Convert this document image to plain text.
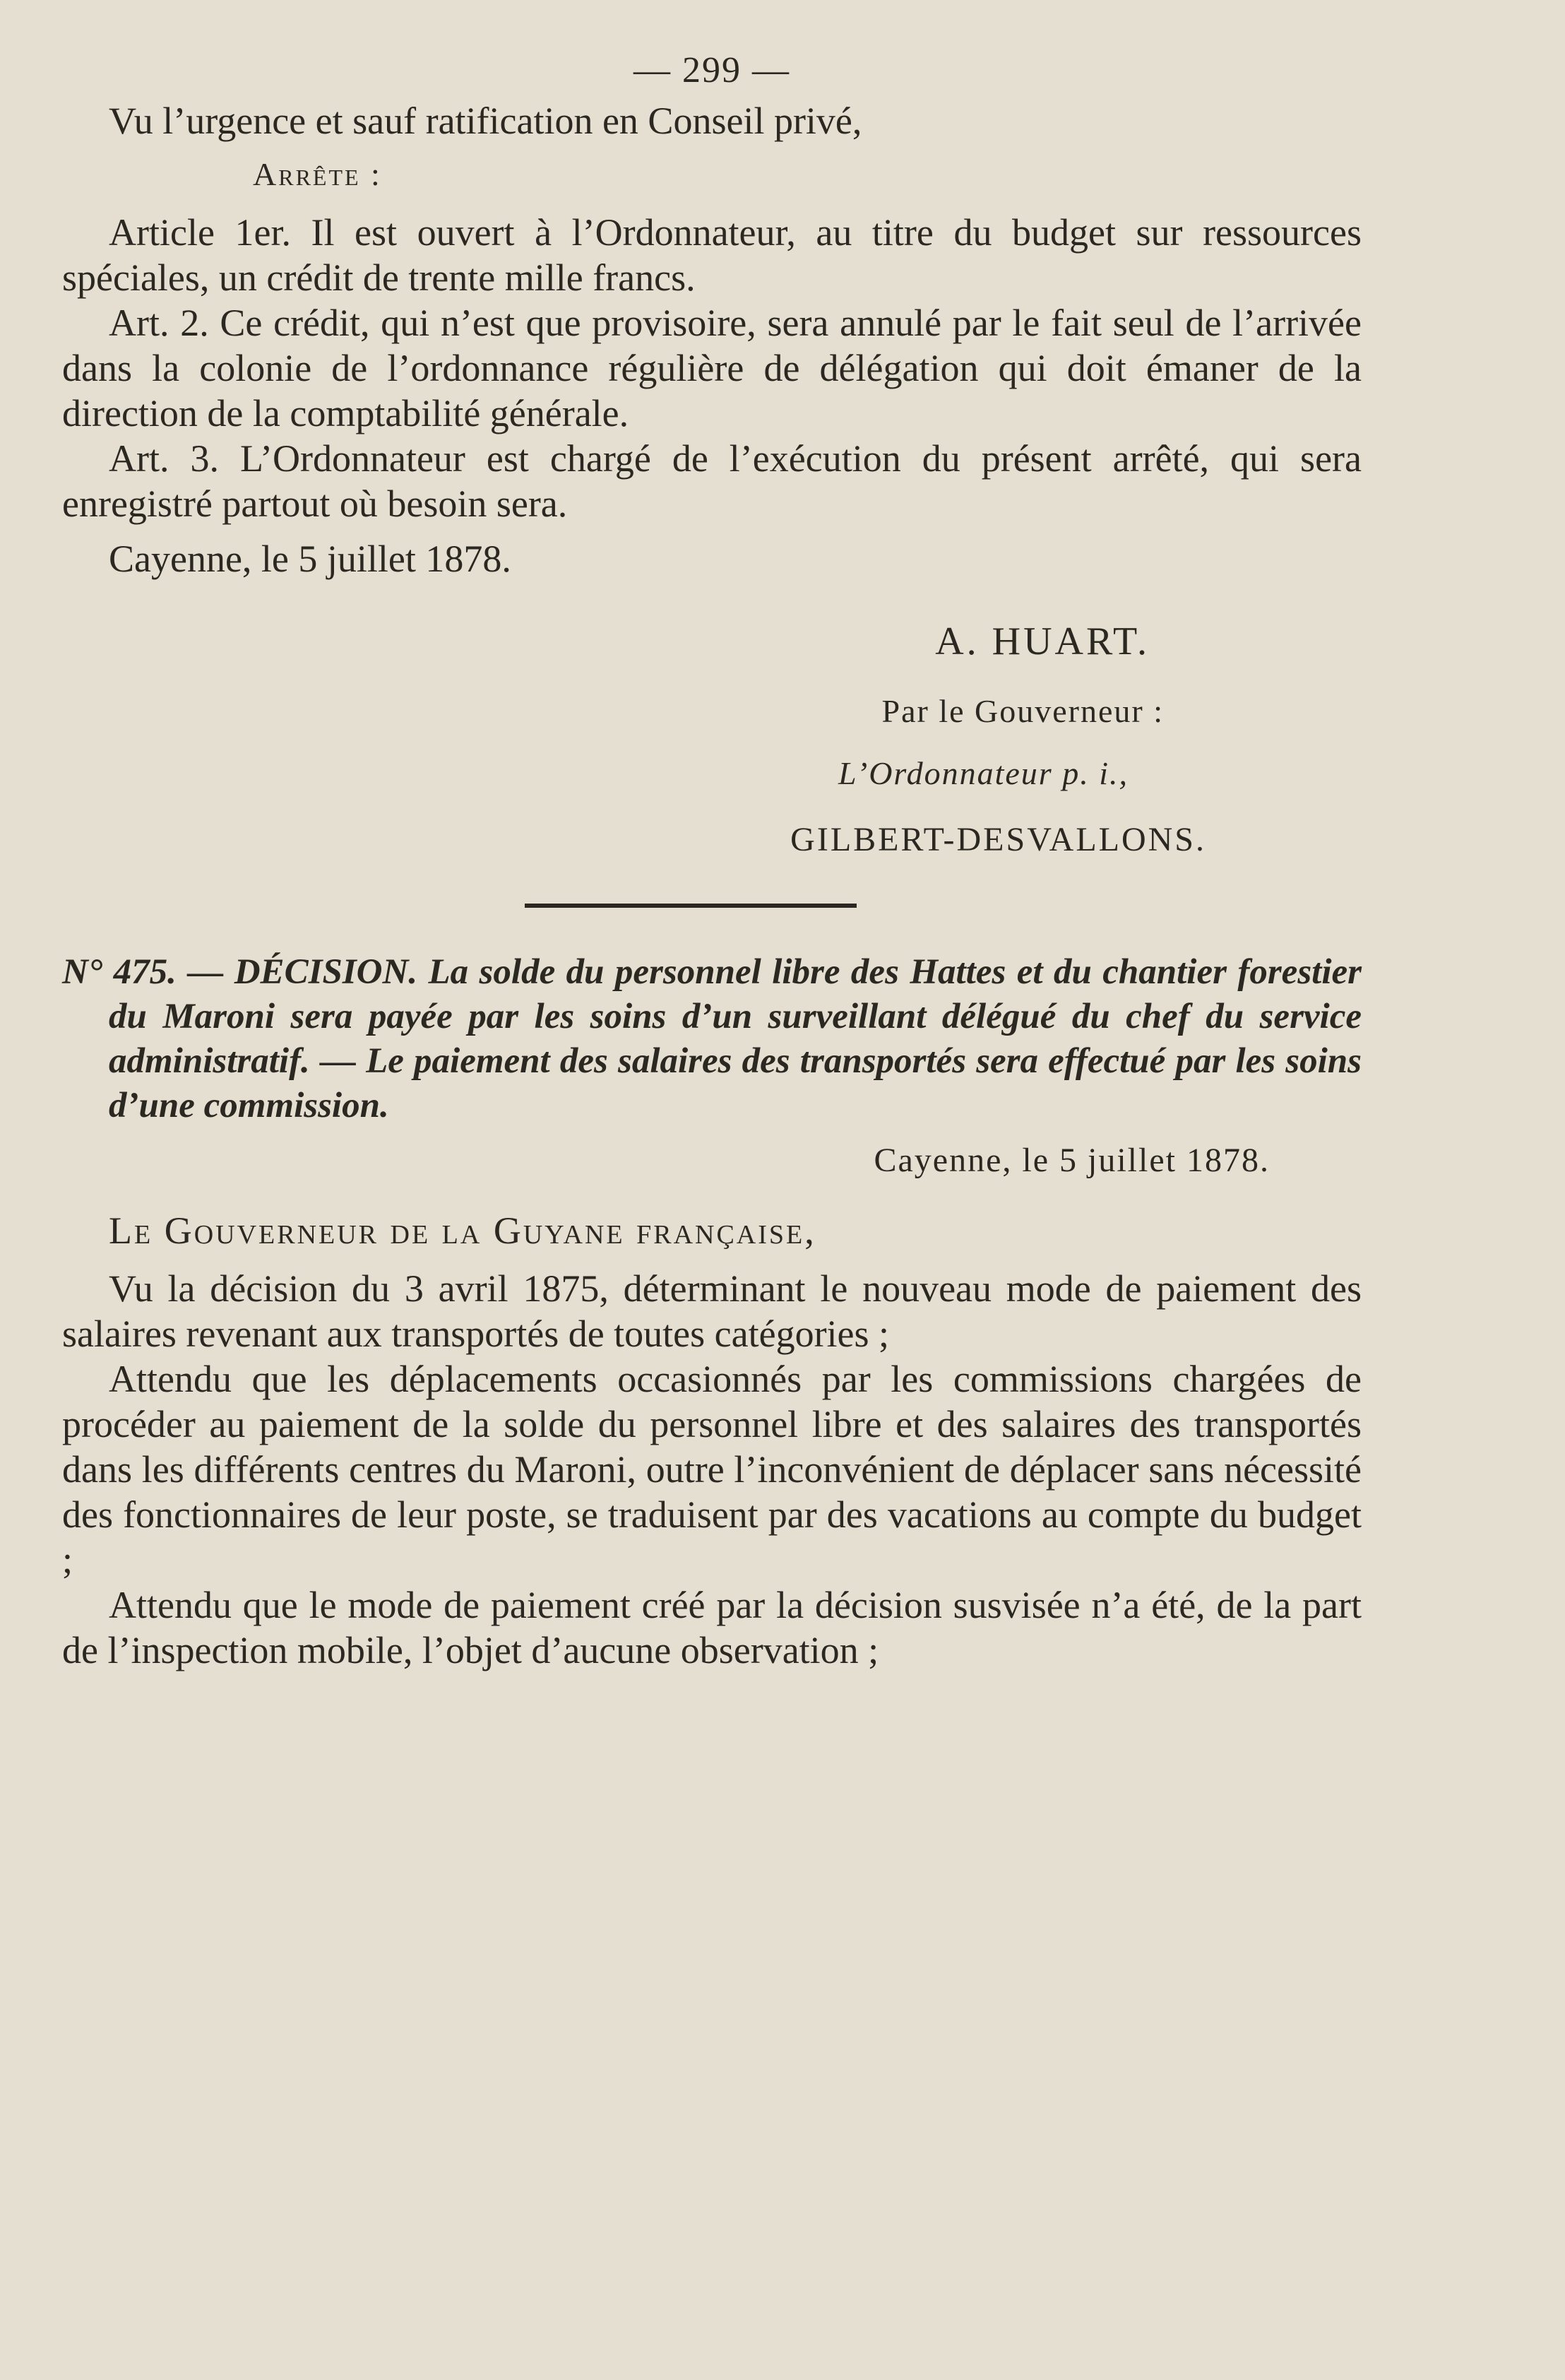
— 299 —

Vu l’urgence et sauf ratification en Conseil privé,

Arrête :

Article 1er. Il est ouvert à l’Ordonnateur, au titre du budget sur ressources spéciales, un crédit de trente mille francs.

Art. 2. Ce crédit, qui n’est que provisoire, sera annulé par le fait seul de l’arrivée dans la colonie de l’ordonnance régulière de délégation qui doit émaner de la direction de la comptabilité générale.

Art. 3. L’Ordonnateur est chargé de l’exécution du présent arrêté, qui sera enregistré partout où besoin sera.

Cayenne, le 5 juillet 1878.

A. HUART.
Par le Gouverneur :
L’Ordonnateur p. i.,
GILBERT-DESVALLONS.

N° 475. — DÉCISION. La solde du personnel libre des Hattes et du chantier forestier du Maroni sera payée par les soins d’un surveillant délégué du chef du service administratif. — Le paiement des salaires des transportés sera effectué par les soins d’une commission.

Cayenne, le 5 juillet 1878.

Le Gouverneur de la Guyane française,

Vu la décision du 3 avril 1875, déterminant le nouveau mode de paiement des salaires revenant aux transportés de toutes catégories ;

Attendu que les déplacements occasionnés par les commissions chargées de procéder au paiement de la solde du personnel libre et des salaires des transportés dans les différents centres du Maroni, outre l’inconvénient de déplacer sans nécessité des fonctionnaires de leur poste, se traduisent par des vacations au compte du budget ;

Attendu que le mode de paiement créé par la décision susvisée n’a été, de la part de l’inspection mobile, l’objet d’aucune observation ;
